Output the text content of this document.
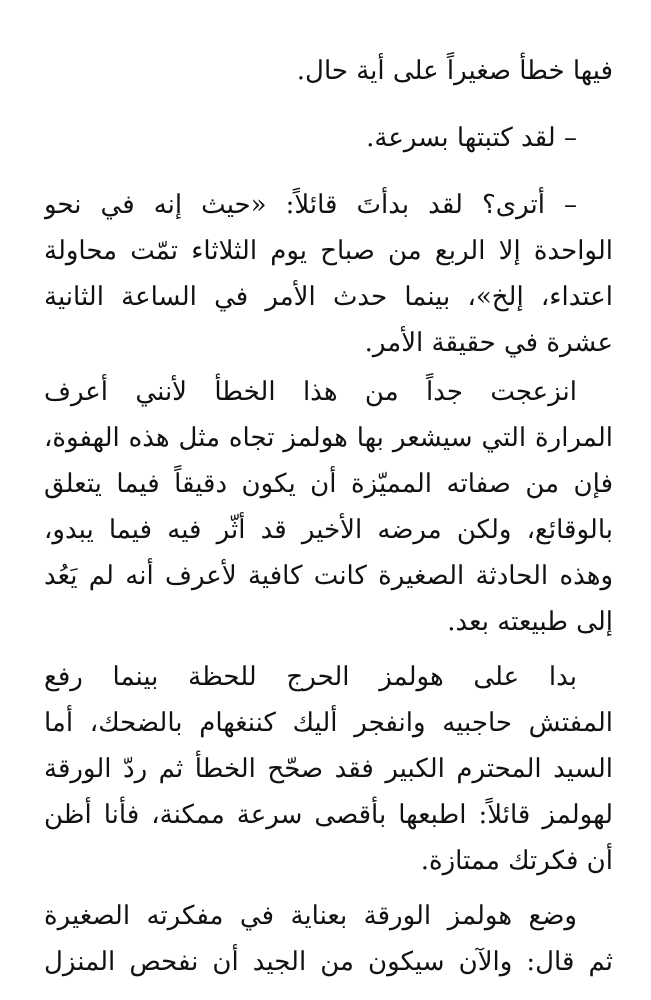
فيها خطأ صغيراً على أية حال.
– لقد كتبتها بسرعة.
– أترى؟ لقد بدأتَ قائلاً: «حيث إنه في نحو
الواحدة إلا الربع من صباح يوم الثلاثاء تمّت محاولة
اعتداء، إلخ»، بينما حدث الأمر في الساعة الثانية
عشرة في حقيقة الأمر.
انزعجت جداً من هذا الخطأ لأنني أعرف
المرارة التي سيشعر بها هولمز تجاه مثل هذه الهفوة،
فإن من صفاته المميّزة أن يكون دقيقاً فيما يتعلق
بالوقائع، ولكن مرضه الأخير قد أثّر فيه فيما يبدو،
وهذه الحادثة الصغيرة كانت كافية لأعرف أنه لم يَعُد
إلى طبيعته بعد.
بدا على هولمز الحرج للحظة بينما رفع
المفتش حاجبيه وانفجر أليك كننغهام بالضحك، أما
السيد المحترم الكبير فقد صحّح الخطأ ثم ردّ الورقة
لهولمز قائلاً: اطبعها بأقصى سرعة ممكنة، فأنا أظن
أن فكرتك ممتازة.
وضع هولمز الورقة بعناية في مفكرته الصغيرة
ثم قال: والآن سيكون من الجيد أن نفحص المنزل
